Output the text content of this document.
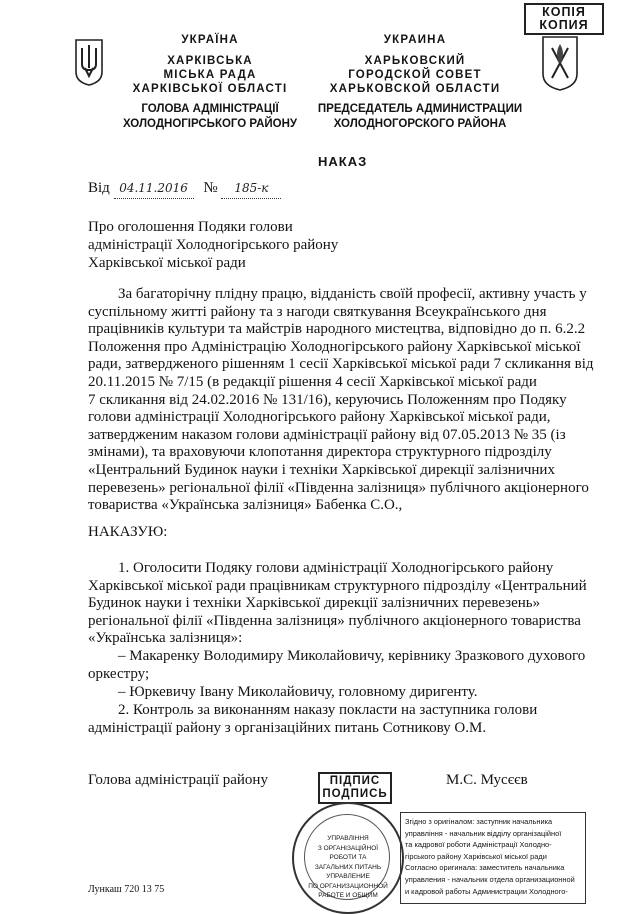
КОПІЯ
КОПИЯ
УКРАЇНА
ХАРКІВСЬКА
МІСЬКА РАДА
ХАРКІВСЬКОЇ ОБЛАСТІ
ГОЛОВА АДМІНІСТРАЦІЇ
ХОЛОДНОГІРСЬКОГО РАЙОНУ
УКРАИНА
ХАРЬКОВСКИЙ
ГОРОДСКОЙ СОВЕТ
ХАРЬКОВСКОЙ ОБЛАСТИ
ПРЕДСЕДАТЕЛЬ АДМИНИСТРАЦИИ
ХОЛОДНОГОРСКОГО РАЙОНА
НАКАЗ
Від 04.11.2016 № 185-к
Про оголошення Подяки голови
адміністрації Холодногірського району
Харківської міської ради
За багаторічну плідну працю, відданість своїй професії, активну участь у
суспільному житті району та з нагоди святкування Всеукраїнського дня
працівників культури та майстрів народного мистецтва, відповідно до п. 6.2.2
Положення про Адміністрацію Холодногірського району Харківської міської
ради, затвердженого рішенням 1 сесії Харківської міської ради 7 скликання від
20.11.2015 № 7/15 (в редакції рішення 4 сесії Харківської міської ради
7 скликання від 24.02.2016 № 131/16), керуючись Положенням про Подяку
голови адміністрації Холодногірського району Харківської міської ради,
затвердженим наказом голови адміністрації району від 07.05.2013 № 35 (із
змінами), та враховуючи клопотання директора структурного підрозділу
«Центральний Будинок науки і техніки Харківської дирекції залізничних
перевезень» регіональної філії «Південна залізниця» публічного акціонерного
товариства «Українська залізниця» Бабенка С.О.,
НАКАЗУЮ:
1. Оголосити Подяку голови адміністрації Холодногірського району
Харківської міської ради працівникам структурного підрозділу «Центральний
Будинок науки і техніки Харківської дирекції залізничних перевезень»
регіональної філії «Південна залізниця» публічного акціонерного товариства
«Українська залізниця»:
– Макаренку Володимиру Миколайовичу, керівнику Зразкового духового
оркестру;
– Юркевичу Івану Миколайовичу, головному диригенту.
2. Контроль за виконанням наказу покласти на заступника голови
адміністрації району з організаційних питань Сотникову О.М.
Голова адміністрації району	ПІДПИС
ПОДПИСЬ
М.С. Мусєєв
УПРАВЛІННЯ
З ОРГАНІЗАЦІЙНОЇ
РОБОТИ ТА
ЗАГАЛЬНИХ ПИТАНЬ
УПРАВЛЕНИЕ
ПО ОРГАНИЗАЦИОННОЙ
РАБОТЕ И ОБЩИМ
Згідно з оригіналом: заступник начальника
управління - начальник відділу організаційної
та кадрової роботи Адміністрації Холодно-
гірського району Харківської міської ради
Согласно оригинала: заместитель начальника
управления - начальник отдела организационной
и кадровой работы Администрации Холодного-
Лункаш 720 13 75
